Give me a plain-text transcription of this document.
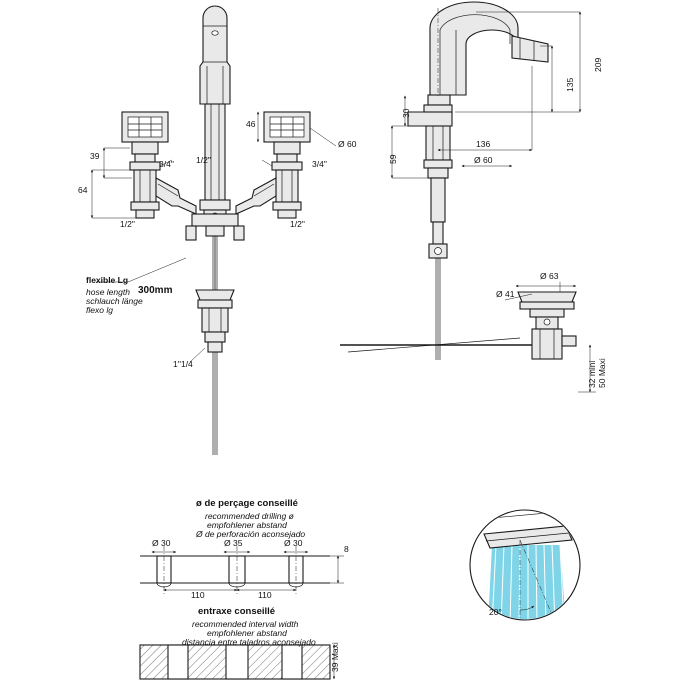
39
64
46
Ø 60
3/4"	1/2"	3/4"
1/2"	1/2"
1''1/4
flexible Lg
hose length
schlauch länge
flexo lg
300mm
209
135
30
59
136
Ø 60
Ø 63
Ø 41
32 mini 50 Maxi
ø de perçage conseillé
recommended drilling ø
empfohlener abstand
Ø de perforación aconsejado
Ø 30	Ø 35	Ø 30
110	110
8
entraxe conseillé
recommended interval width
empfohlener abstand
distancia entre taladros aconsejado
39 Maxi
20°
